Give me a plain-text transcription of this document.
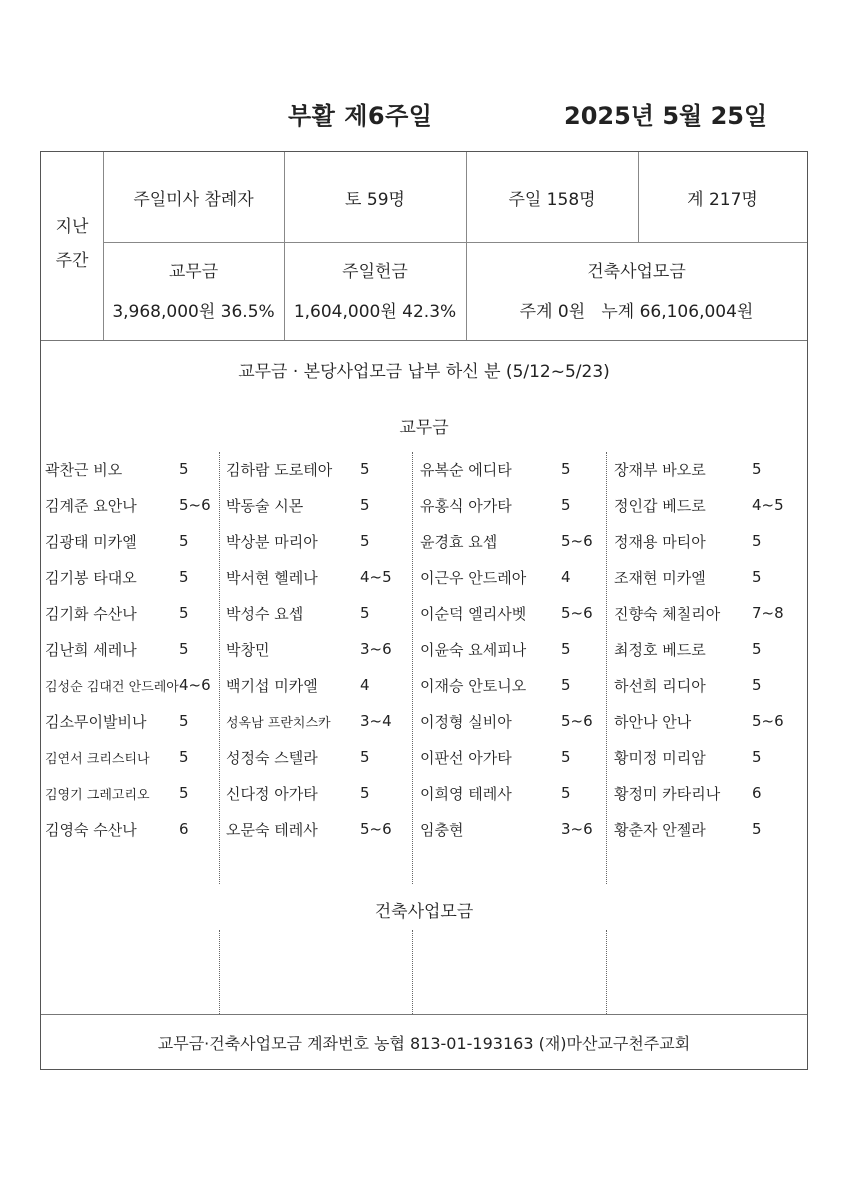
부활 제6주일	2025년 5월 25일
지난
주간
주일미사 참례자	토 59명	주일 158명	계 217명
교무금
3,968,000원 36.5%
주일헌금
1,604,000원 42.3%
건축사업모금
주계 0원   누계 66,106,004원
교무금 · 본당사업모금 납부 하신 분 (5/12~5/23)
교무금
곽찬근 비오	5
김계준 요안나	5~6
김광태 미카엘	5
김기봉 타대오	5
김기화 수산나	5
김난희 세레나	5
김성순 김대건 안드레아 4~6
김소무이발비나 5
김연서 크리스티나 5
김영기 그레고리오 5
김영숙 수산나	6
김하람 도로테아 5
박동술 시몬	5
박상분 마리아	5
박서현 헬레나	4~5
박성수 요셉	5
박창민	3~6
백기섭 미카엘	4
성옥남 프란치스카 3~4
성정숙 스텔라	5
신다정 아가타	5
오문숙 테레사	5~6
유복순 에디타	5
유홍식 아가타	5
윤경효 요셉	5~6
이근우 안드레아 4
이순덕 엘리사벳 5~6
이윤숙 요세피나 5
이재승 안토니오 5
이정형 실비아	5~6
이판선 아가타	5
이희영 테레사	5
임충현	3~6
장재부 바오로	5
정인갑 베드로	4~5
정재용 마티아	5
조재현 미카엘	5
진향숙 체칠리아 7~8
최정호 베드로	5
하선희 리디아	5
하안나 안나	5~6
황미정 미리암	5
황정미 카타리나 6
황춘자 안젤라	5
건축사업모금
교무금·건축사업모금 계좌번호 농협 813-01-193163 (재)마산교구천주교회
